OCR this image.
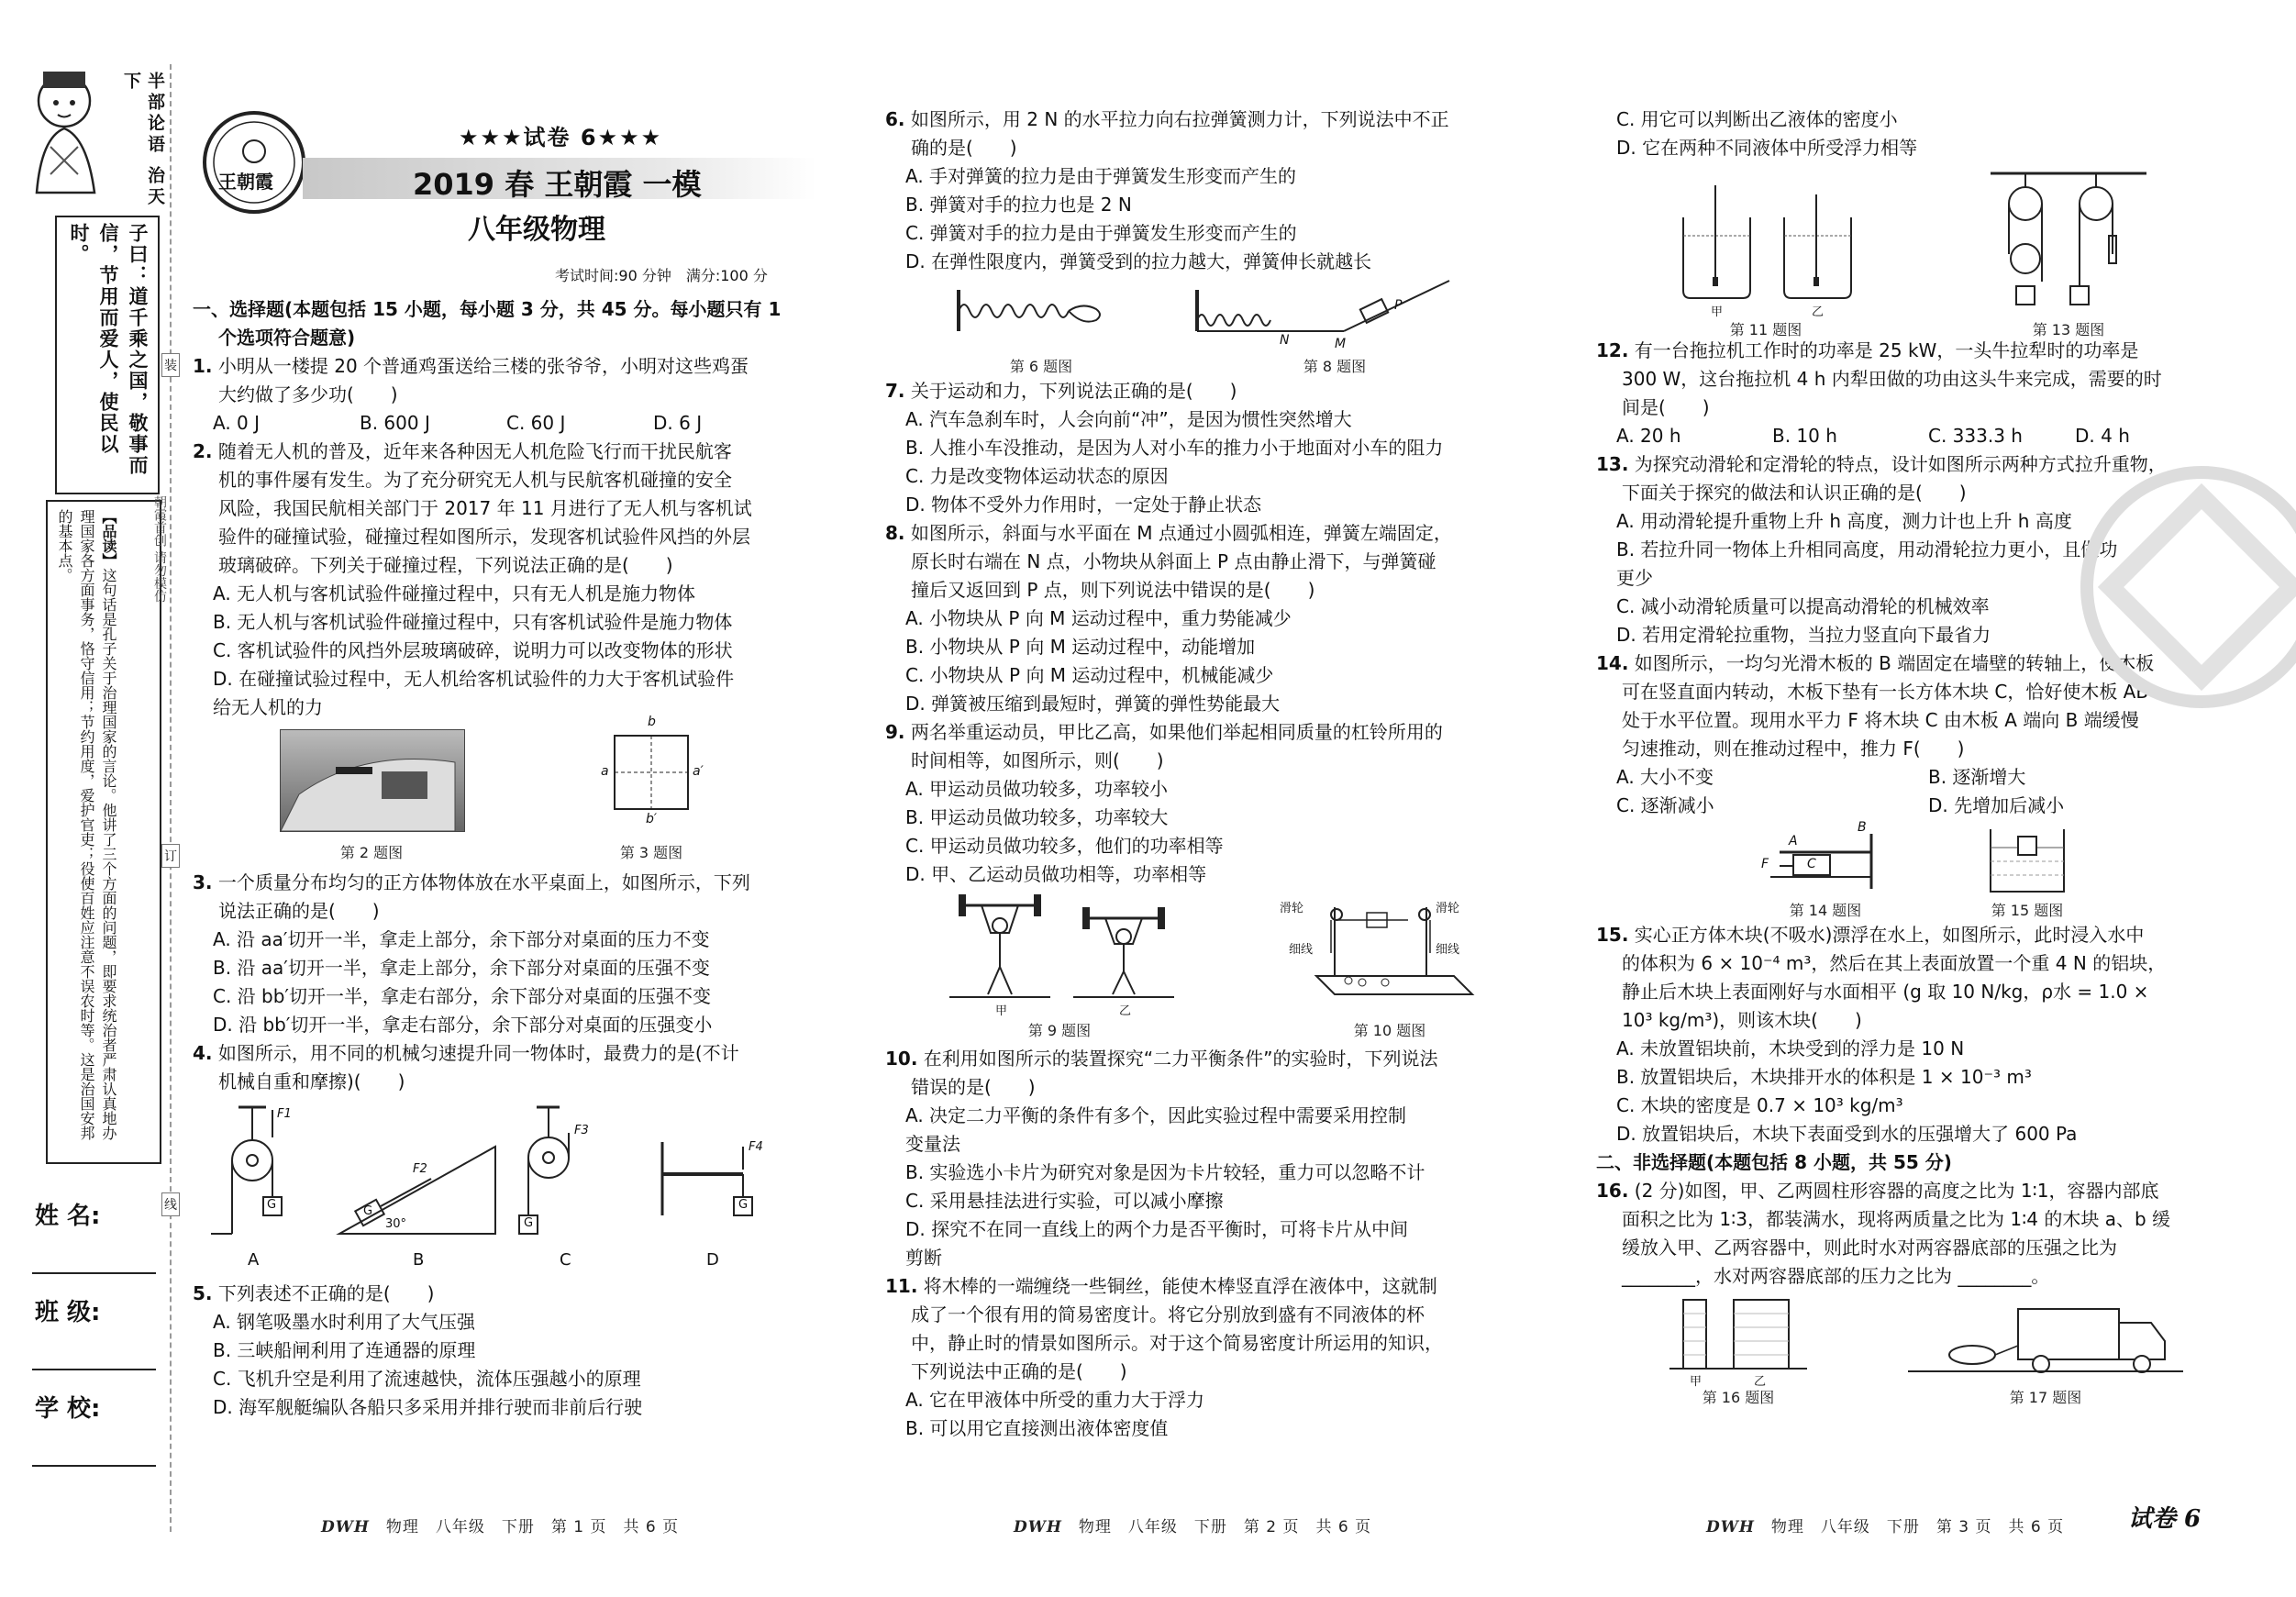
半部论语 治天下
子曰：道千乘之国，敬事而信，节用而爱人，使民以时。
【品读】这句话是孔子关于治理国家的言论。他讲了三个方面的问题，即要求统治者严肃认真地办理国家各方面事务，恪守信用；节约用度，爱护官吏；役使百姓应注意不误农时等。这是治国安邦的基本点。	朝霞首创 请勿模仿
装
订
线
姓 名:
班 级:
学 校:
王朝霞
★★★试卷 6★★★
2019 春 王朝霞 一模
八年级物理
考试时间:90 分钟　满分:100 分
一、选择题(本题包括 15 小题，每小题 3 分，共 45 分。每小题只有 1
个选项符合题意)
1. 小明从一楼提 20 个普通鸡蛋送给三楼的张爷爷，小明对这些鸡蛋
大约做了多少功(　　)
A. 0 J	B. 600 J	C. 60 J	D. 6 J
2. 随着无人机的普及，近年来各种因无人机危险飞行而干扰民航客
机的事件屡有发生。为了充分研究无人机与民航客机碰撞的安全
风险，我国民航相关部门于 2017 年 11 月进行了无人机与客机试
验件的碰撞试验，碰撞过程如图所示，发现客机试验件风挡的外层
玻璃破碎。下列关于碰撞过程，下列说法正确的是(　　)
A. 无人机与客机试验件碰撞过程中，只有无人机是施力物体
B. 无人机与客机试验件碰撞过程中，只有客机试验件是施力物体
C. 客机试验件的风挡外层玻璃破碎，说明力可以改变物体的形状
D. 在碰撞试验过程中，无人机给客机试验件的力大于客机试验件
给无人机的力
第 2 题图
b
a	a′
b′
第 3 题图
3. 一个质量分布均匀的正方体物体放在水平桌面上，如图所示，下列
说法正确的是(　　)
A. 沿 aa′切开一半，拿走上部分，余下部分对桌面的压力不变
B. 沿 aa′切开一半，拿走上部分，余下部分对桌面的压强不变
C. 沿 bb′切开一半，拿走右部分，余下部分对桌面的压强不变
D. 沿 bb′切开一半，拿走右部分，余下部分对桌面的压强变小
4. 如图所示，用不同的机械匀速提升同一物体时，最费力的是(不计
机械自重和摩擦)(　　)
F1
G
F2
G
30°
F3
G
F4
G
A	B	C	D
5. 下列表述不正确的是(　　)
A. 钢笔吸墨水时利用了大气压强
B. 三峡船闸利用了连通器的原理
C. 飞机升空是利用了流速越快，流体压强越小的原理
D. 海军舰艇编队各船只多采用并排行驶而非前后行驶
DWH　 物理　八年级　下册　第 1 页　共 6 页
6. 如图所示，用 2 N 的水平拉力向右拉弹簧测力计，下列说法中不正
确的是(　　)
A. 手对弹簧的拉力是由于弹簧发生形变而产生的
B. 弹簧对手的拉力也是 2 N
C. 弹簧对手的拉力是由于弹簧发生形变而产生的
D. 在弹性限度内，弹簧受到的拉力越大，弹簧伸长就越长
N	M
P
第 6 题图	第 8 题图
7. 关于运动和力，下列说法正确的是(　　)
A. 汽车急刹车时，人会向前“冲”，是因为惯性突然增大
B. 人推小车没推动，是因为人对小车的推力小于地面对小车的阻力
C. 力是改变物体运动状态的原因
D. 物体不受外力作用时，一定处于静止状态
8. 如图所示，斜面与水平面在 M 点通过小圆弧相连，弹簧左端固定，
原长时右端在 N 点，小物块从斜面上 P 点由静止滑下，与弹簧碰
撞后又返回到 P 点，则下列说法中错误的是(　　)
A. 小物块从 P 向 M 运动过程中，重力势能减少
B. 小物块从 P 向 M 运动过程中，动能增加
C. 小物块从 P 向 M 运动过程中，机械能减少
D. 弹簧被压缩到最短时，弹簧的弹性势能最大
9. 两名举重运动员，甲比乙高，如果他们举起相同质量的杠铃所用的
时间相等，如图所示，则(　　)
A. 甲运动员做功较多，功率较小
B. 甲运动员做功较多，功率较大
C. 甲运动员做功较多，他们的功率相等
D. 甲、乙运动员做功相等，功率相等
甲	乙
滑轮	滑轮
细线	细线
第 9 题图	第 10 题图
10. 在利用如图所示的装置探究“二力平衡条件”的实验时，下列说法
错误的是(　　)
A. 决定二力平衡的条件有多个，因此实验过程中需要采用控制
变量法
B. 实验选小卡片为研究对象是因为卡片较轻，重力可以忽略不计
C. 采用悬挂法进行实验，可以减小摩擦
D. 探究不在同一直线上的两个力是否平衡时，可将卡片从中间
剪断
11. 将木棒的一端缠绕一些铜丝，能使木棒竖直浮在液体中，这就制
成了一个很有用的简易密度计。将它分别放到盛有不同液体的杯
中，静止时的情景如图所示。对于这个简易密度计所运用的知识，
下列说法中正确的是(　　)
A. 它在甲液体中所受的重力大于浮力
B. 可以用它直接测出液体密度值
DWH　 物理　八年级　下册　第 2 页　共 6 页
C. 用它可以判断出乙液体的密度小
D. 它在两种不同液体中所受浮力相等
甲	乙
第 11 题图	第 13 题图
12. 有一台拖拉机工作时的功率是 25 kW，一头牛拉犁时的功率是
300 W，这台拖拉机 4 h 内犁田做的功由这头牛来完成，需要的时
间是(　　)
A. 20 h	B. 10 h	C. 333.3 h	D. 4 h
13. 为探究动滑轮和定滑轮的特点，设计如图所示两种方式拉升重物，
下面关于探究的做法和认识正确的是(　　)
A. 用动滑轮提升重物上升 h 高度，测力计也上升 h 高度
B. 若拉升同一物体上升相同高度，用动滑轮拉力更小，且做功
更少
C. 减小动滑轮质量可以提高动滑轮的机械效率
D. 若用定滑轮拉重物，当拉力竖直向下最省力
14. 如图所示，一均匀光滑木板的 B 端固定在墙壁的转轴上，使木板
可在竖直面内转动，木板下垫有一长方体木块 C，恰好使木板 AB
处于水平位置。现用水平力 F 将木块 C 由木板 A 端向 B 端缓慢
匀速推动，则在推动过程中，推力 F(　　)
A. 大小不变	B. 逐渐增大
C. 逐渐减小	D. 先增加后减小
A
B
C
F
第 14 题图	第 15 题图
15. 实心正方体木块(不吸水)漂浮在水上，如图所示，此时浸入水中
的体积为 6 × 10⁻⁴ m³，然后在其上表面放置一个重 4 N 的铝块，
静止后木块上表面刚好与水面相平 (g 取 10 N/kg，ρ水 = 1.0 ×
10³ kg/m³)，则该木块(　　)
A. 未放置铝块前，木块受到的浮力是 10 N
B. 放置铝块后，木块排开水的体积是 1 × 10⁻³ m³
C. 木块的密度是 0.7 × 10³ kg/m³
D. 放置铝块后，木块下表面受到水的压强增大了 600 Pa
二、非选择题(本题包括 8 小题，共 55 分)
16. (2 分)如图，甲、乙两圆柱形容器的高度之比为 1∶1，容器内部底
面积之比为 1∶3，都装满水，现将两质量之比为 1∶4 的木块 a、b 缓
缓放入甲、乙两容器中，则此时水对两容器底部的压强之比为
________，水对两容器底部的压力之比为 ________。
甲	乙
第 16 题图	第 17 题图
DWH　 物理　八年级　下册　第 3 页　共 6 页	试卷 6
